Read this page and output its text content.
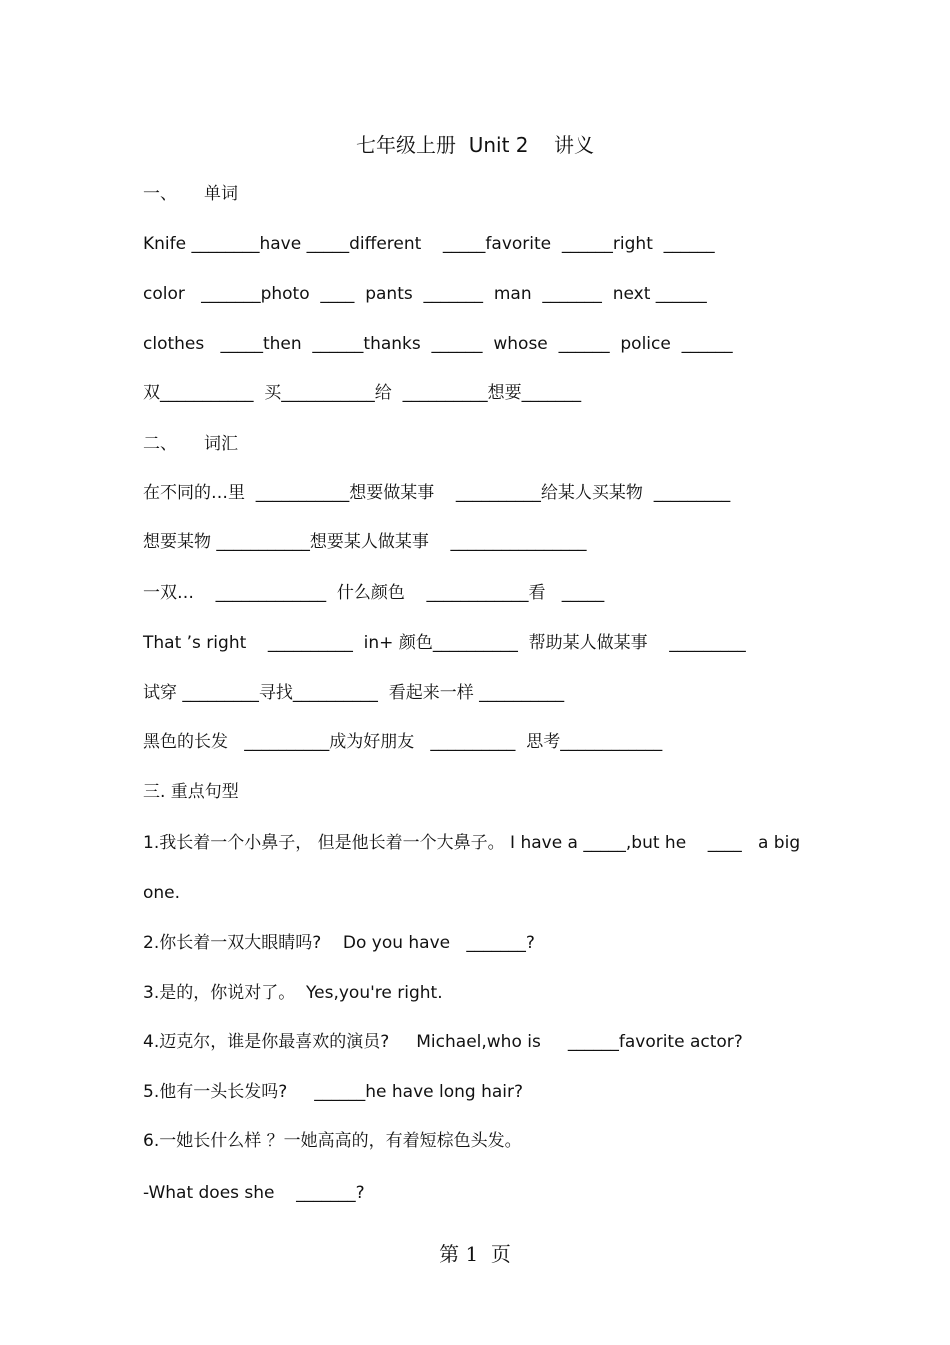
七年级上册  Unit 2    讲义
一、     单词
Knife ________have _____different    _____favorite  ______right  ______
color   _______photo  ____  pants  _______  man  _______  next ______
clothes   _____then  ______thanks  ______  whose  ______  police  ______
双___________  买___________给  __________想要_______
二、     词汇
在不同的…里  ___________想要做某事    __________给某人买某物  _________
想要某物 ___________想要某人做某事    ________________
一双…    _____________  什么颜色    ____________看   _____
That ’s right    __________  in+ 颜色__________  帮助某人做某事    _________
试穿 _________寻找__________  看起来一样 __________
黑色的长发   __________成为好朋友   __________  思考____________
三. 重点句型
1.我长着一个小鼻子， 但是他长着一个大鼻子。 I have a _____,but he    ____   a big
one.
2.你长着一双大眼睛吗?    Do you have   _______?
3.是的，你说对了。  Yes,you're right.
4.迈克尔，谁是你最喜欢的演员?     Michael,who is     ______favorite actor?
5.他有一头长发吗?     ______he have long hair?
6.一她长什么样 ？一她高高的，有着短棕色头发。
-What does she    _______?
第 1  页
